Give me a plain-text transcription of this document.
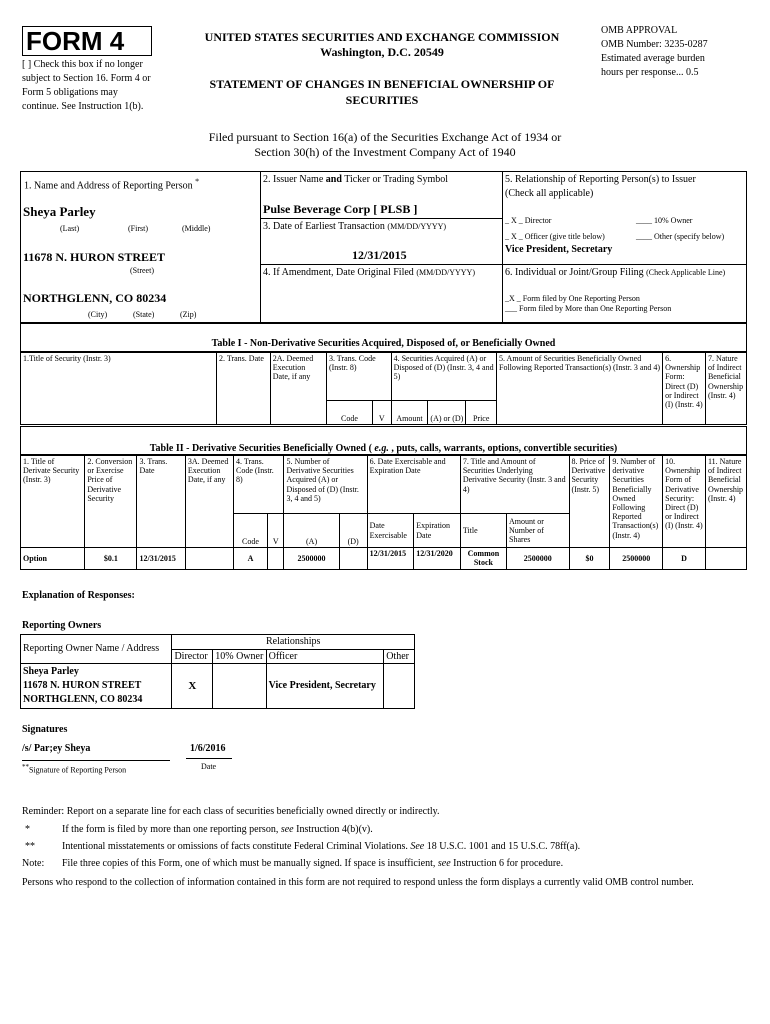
FORM 4
[ ] Check this box if no longer
subject to Section 16. Form 4 or
Form 5 obligations may
continue. See Instruction 1(b).
UNITED STATES SECURITIES AND EXCHANGE COMMISSION
Washington, D.C. 20549
STATEMENT OF CHANGES IN BENEFICIAL OWNERSHIP OF
SECURITIES
OMB APPROVAL
OMB Number: 3235-0287
Estimated average burden
hours per response... 0.5
Filed pursuant to Section 16(a) of the Securities Exchange Act of 1934 or
Section 30(h) of the Investment Company Act of 1940
1. Name and Address of Reporting Person *
Sheya Parley
(Last)	(First)	(Middle)
11678 N. HURON STREET
(Street)
NORTHGLENN, CO 80234
(City)	(State)	(Zip)
2. Issuer Name and Ticker or Trading Symbol
Pulse Beverage Corp [ PLSB ]
3. Date of Earliest Transaction (MM/DD/YYYY)
12/31/2015
4. If Amendment, Date Original Filed (MM/DD/YYYY)
5. Relationship of Reporting Person(s) to Issuer
(Check all applicable)
_ X _ Director	____ 10% Owner
_ X _ Officer (give title below)	____ Other (specify below)
Vice President, Secretary
6. Individual or Joint/Group Filing (Check Applicable Line)
_X _ Form filed by One Reporting Person
___ Form filed by More than One Reporting Person
Table I - Non-Derivative Securities Acquired, Disposed of, or Beneficially Owned
1.Title of Security (Instr. 3)	2. Trans. Date	2A. Deemed Execution Date, if any	3. Trans. Code (Instr. 8)		4. Securities Acquired (A) or Disposed of (D) (Instr. 3, 4 and 5)			5. Amount of Securities Beneficially Owned Following Reported Transaction(s) (Instr. 3 and 4)	6. Ownership Form: Direct (D) or Indirect (I) (Instr. 4)	7. Nature of Indirect Beneficial Ownership (Instr. 4)
			Code	V	Amount	(A) or (D)	Price			
Table II - Derivative Securities Beneficially Owned ( e.g. , puts, calls, warrants, options, convertible securities)
1. Title of Derivate Security (Instr. 3)	2. Conversion or Exercise Price of Derivative Security	3. Trans. Date	3A. Deemed Execution Date, if any	4. Trans. Code (Instr. 8)		5. Number of Derivative Securities Acquired (A) or Disposed of (D) (Instr. 3, 4 and 5)		6. Date Exercisable and Expiration Date		7. Title and Amount of Securities Underlying Derivative Security (Instr. 3 and 4)		8. Price of Derivative Security (Instr. 5)	9. Number of derivative Securities Beneficially Owned Following Reported Transaction(s) (Instr. 4)	10. Ownership Form of Derivative Security: Direct (D) or Indirect (I) (Instr. 4)	11. Nature of Indirect Beneficial Ownership (Instr. 4)
				Code	V	(A)	(D)	Date Exercisable	Expiration Date	Title	Amount or Number of Shares				
Option	$0.1	12/31/2015		A		2500000		12/31/2015	12/31/2020	Common Stock	2500000	$0	2500000	D	
Explanation of Responses:
Reporting Owners
Reporting Owner Name / Address	Relationships			
	Director	10% Owner	Officer	Other

Sheya Parley
11678 N. HURON STREET
NORTHGLENN, CO 80234	X		Vice President, Secretary	
Signatures
/s/ Par;ey Sheya	1/6/2016
**Signature of Reporting Person	Date
Reminder: Report on a separate line for each class of securities beneficially owned directly or indirectly.
*	If the form is filed by more than one reporting person, see Instruction 4(b)(v).
**	Intentional misstatements or omissions of facts constitute Federal Criminal Violations. See 18 U.S.C. 1001 and 15 U.S.C. 78ff(a).
Note: File three copies of this Form, one of which must be manually signed. If space is insufficient, see Instruction 6 for procedure.
Persons who respond to the collection of information contained in this form are not required to respond unless the form displays a currently valid OMB control number.
